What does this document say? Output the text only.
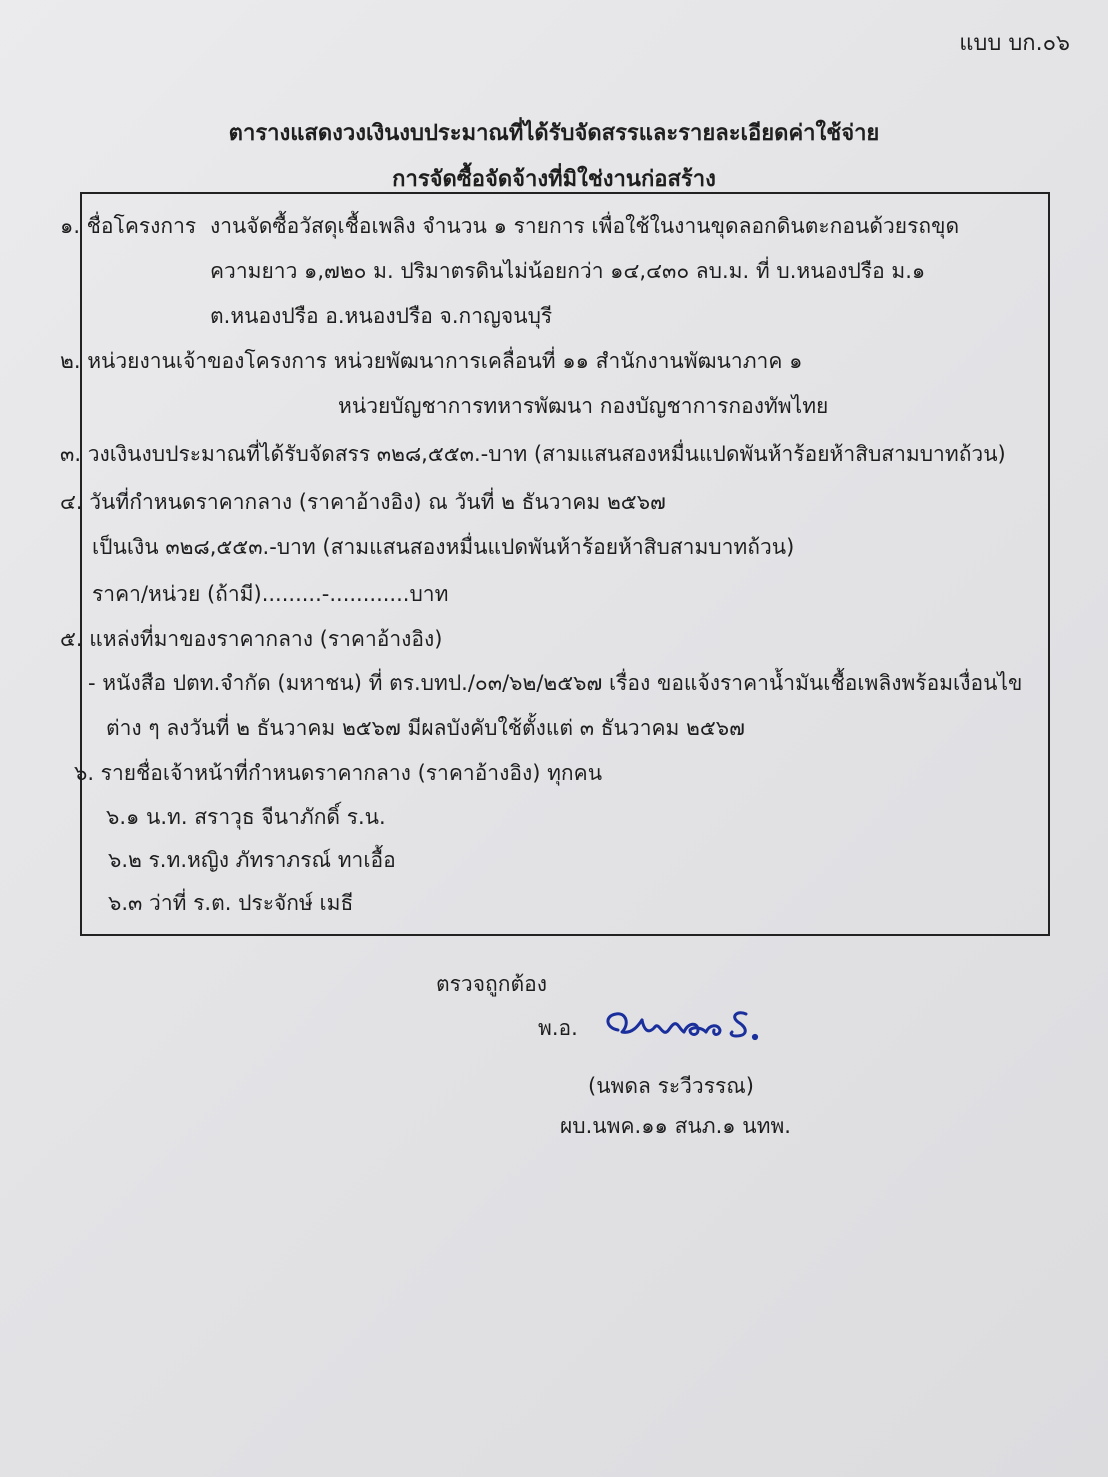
แบบ บก.๐๖
ตารางแสดงวงเงินงบประมาณที่ได้รับจัดสรรและรายละเอียดค่าใช้จ่าย
การจัดซื้อจัดจ้างที่มิใช่งานก่อสร้าง
๑. ชื่อโครงการ งานจัดซื้อวัสดุเชื้อเพลิง จำนวน ๑ รายการ เพื่อใช้ในงานขุดลอกดินตะกอนด้วยรถขุด
ความยาว ๑,๗๒๐ ม. ปริมาตรดินไม่น้อยกว่า ๑๔,๔๓๐ ลบ.ม. ที่ บ.หนองปรือ ม.๑
ต.หนองปรือ อ.หนองปรือ จ.กาญจนบุรี
๒. หน่วยงานเจ้าของโครงการ หน่วยพัฒนาการเคลื่อนที่ ๑๑ สำนักงานพัฒนาภาค ๑
หน่วยบัญชาการทหารพัฒนา กองบัญชาการกองทัพไทย
๓. วงเงินงบประมาณที่ได้รับจัดสรร ๓๒๘,๕๕๓.-บาท (สามแสนสองหมื่นแปดพันห้าร้อยห้าสิบสามบาทถ้วน)
๔. วันที่กำหนดราคากลาง (ราคาอ้างอิง) ณ วันที่ ๒ ธันวาคม ๒๕๖๗
เป็นเงิน ๓๒๘,๕๕๓.-บาท (สามแสนสองหมื่นแปดพันห้าร้อยห้าสิบสามบาทถ้วน)
ราคา/หน่วย (ถ้ามี).........-............บาท
๕. แหล่งที่มาของราคากลาง (ราคาอ้างอิง)
- หนังสือ ปตท.จำกัด (มหาชน) ที่ ตร.บทป./๐๓/๖๒/๒๕๖๗ เรื่อง ขอแจ้งราคาน้ำมันเชื้อเพลิงพร้อมเงื่อนไข
ต่าง ๆ ลงวันที่ ๒ ธันวาคม ๒๕๖๗ มีผลบังคับใช้ตั้งแต่ ๓ ธันวาคม ๒๕๖๗
๖. รายชื่อเจ้าหน้าที่กำหนดราคากลาง (ราคาอ้างอิง) ทุกคน
๖.๑ น.ท. สราวุธ จีนาภักดิ์ ร.น.
๖.๒ ร.ท.หญิง ภัทราภรณ์ ทาเอื้อ
๖.๓ ว่าที่ ร.ต. ประจักษ์ เมธี
ตรวจถูกต้อง
พ.อ.
(นพดล ระวีวรรณ)
ผบ.นพค.๑๑ สนภ.๑ นทพ.
